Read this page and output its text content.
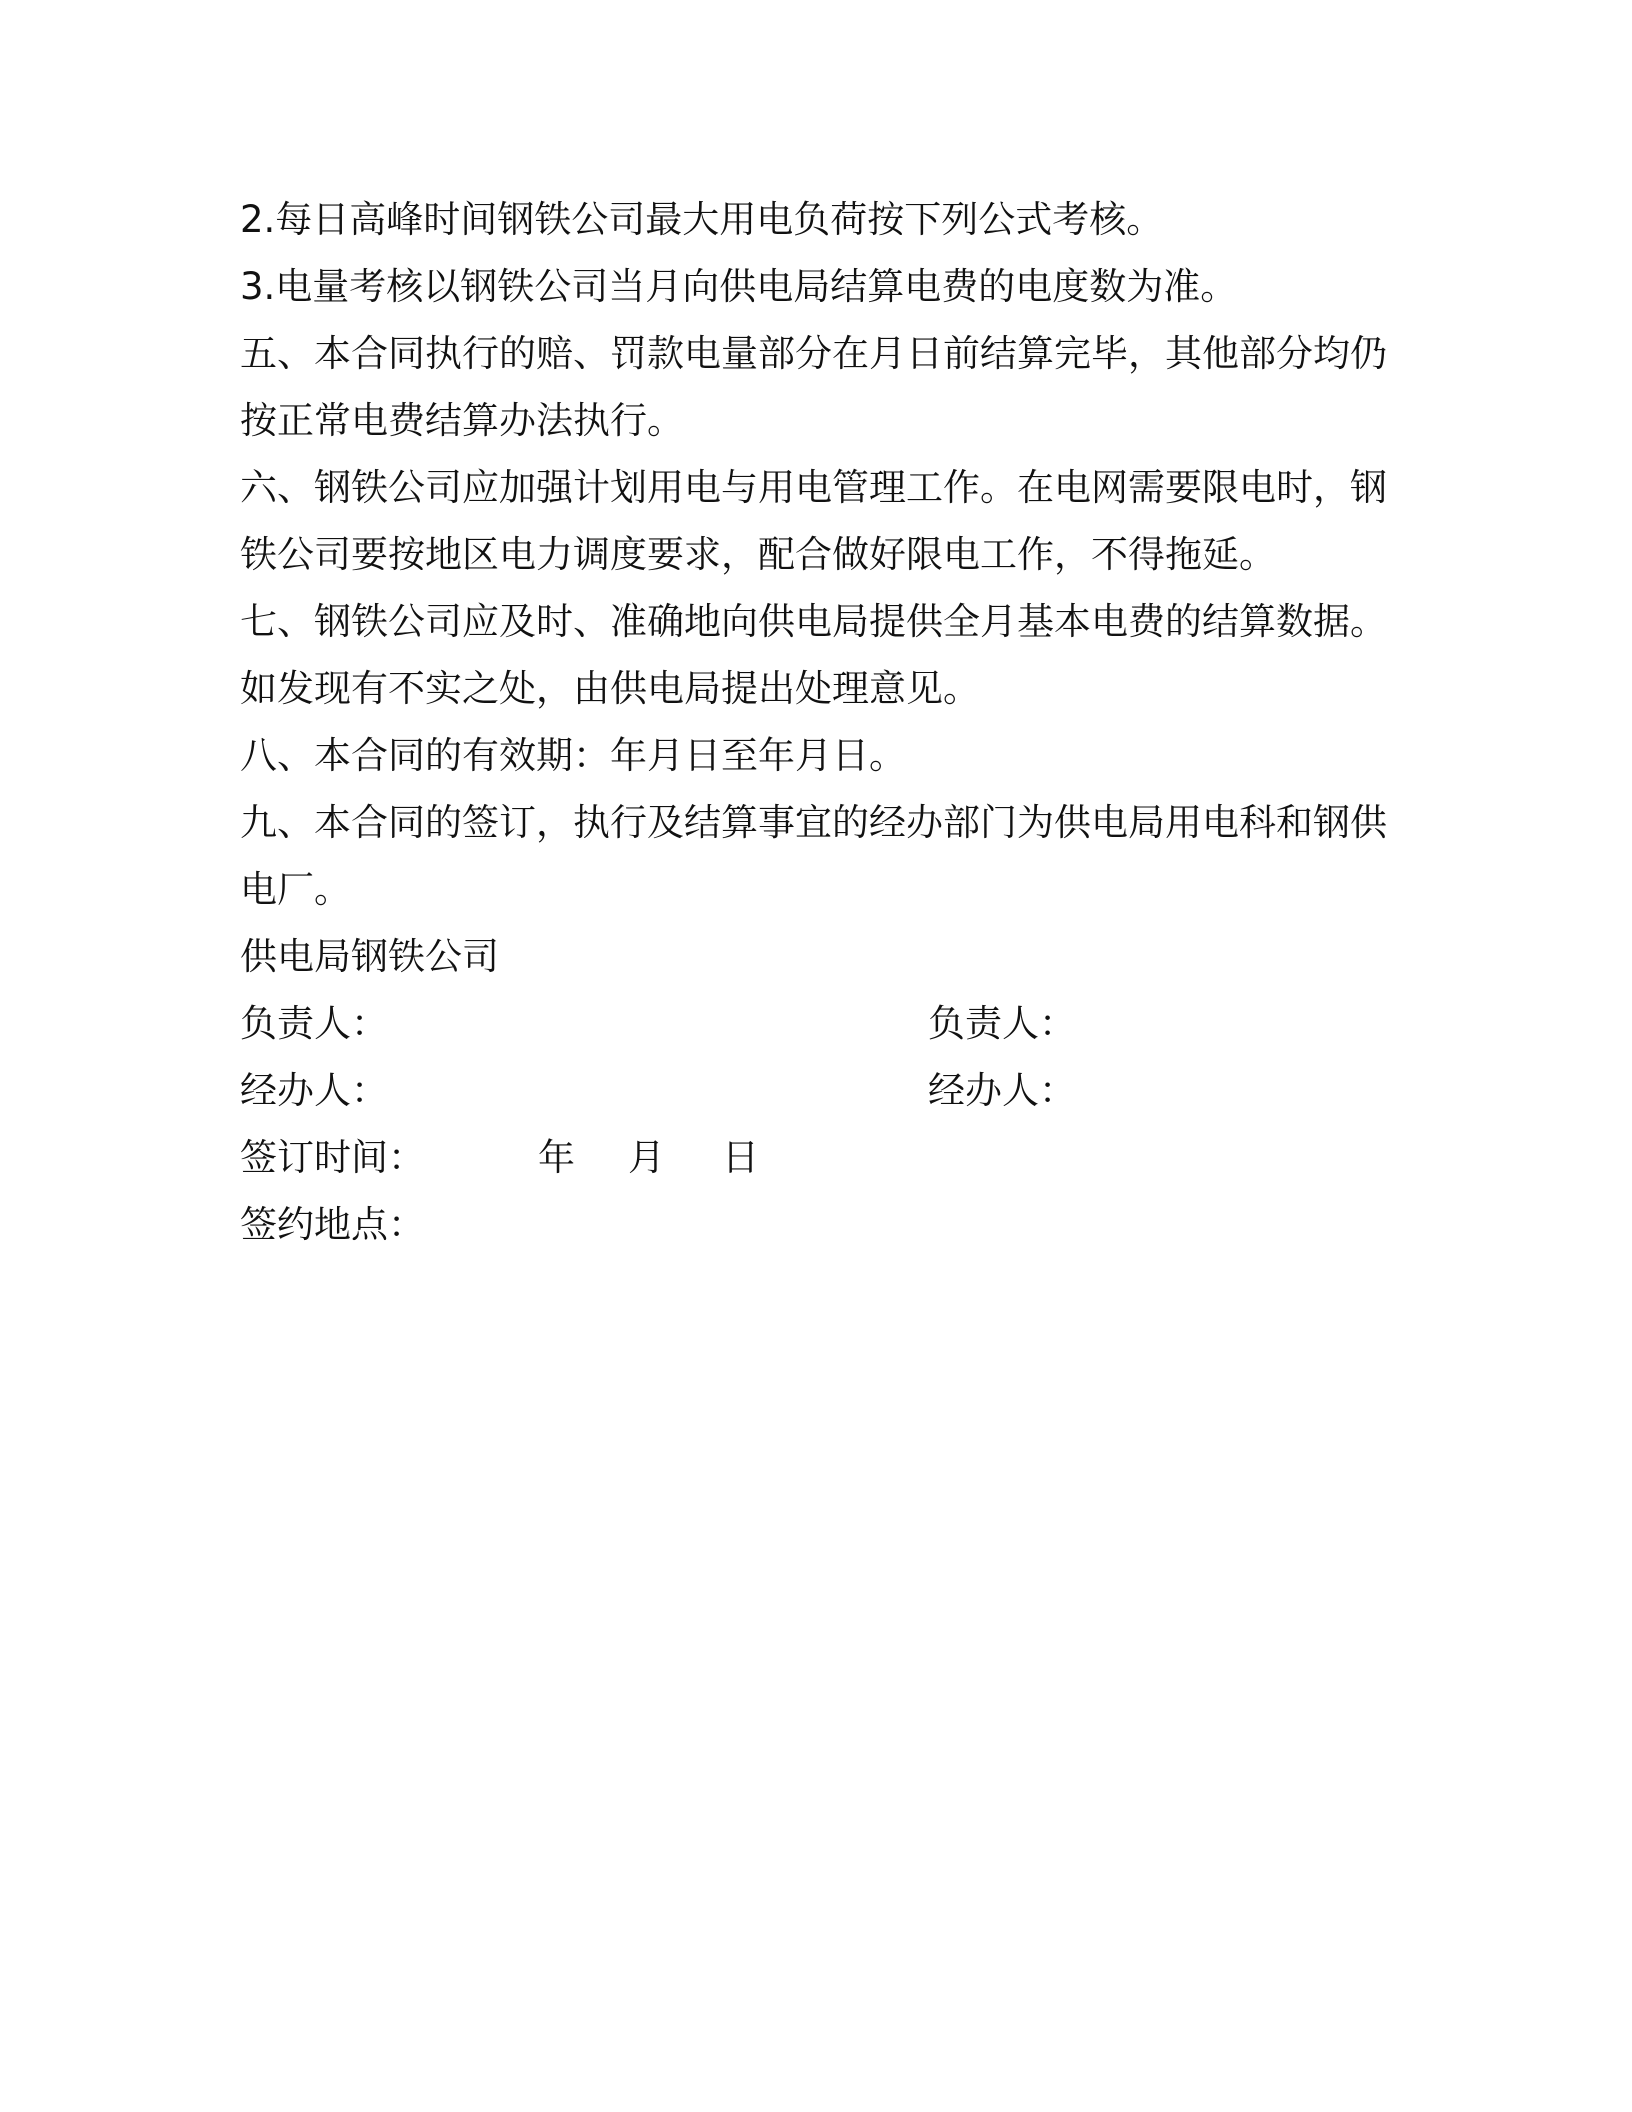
2.每日高峰时间钢铁公司最大用电负荷按下列公式考核。
3.电量考核以钢铁公司当月向供电局结算电费的电度数为准。
五、本合同执行的赔、罚款电量部分在月日前结算完毕，其他部分均仍
按正常电费结算办法执行。
六、钢铁公司应加强计划用电与用电管理工作。在电网需要限电时，钢
铁公司要按地区电力调度要求，配合做好限电工作，不得拖延。
七、钢铁公司应及时、准确地向供电局提供全月基本电费的结算数据。
如发现有不实之处，由供电局提出处理意见。
八、本合同的有效期：年月日至年月日。
九、本合同的签订，执行及结算事宜的经办部门为供电局用电科和钢供
电厂。
供电局钢铁公司
负责人：	负责人：
经办人：	经办人：
签订时间：	年 月 日
签约地点：
